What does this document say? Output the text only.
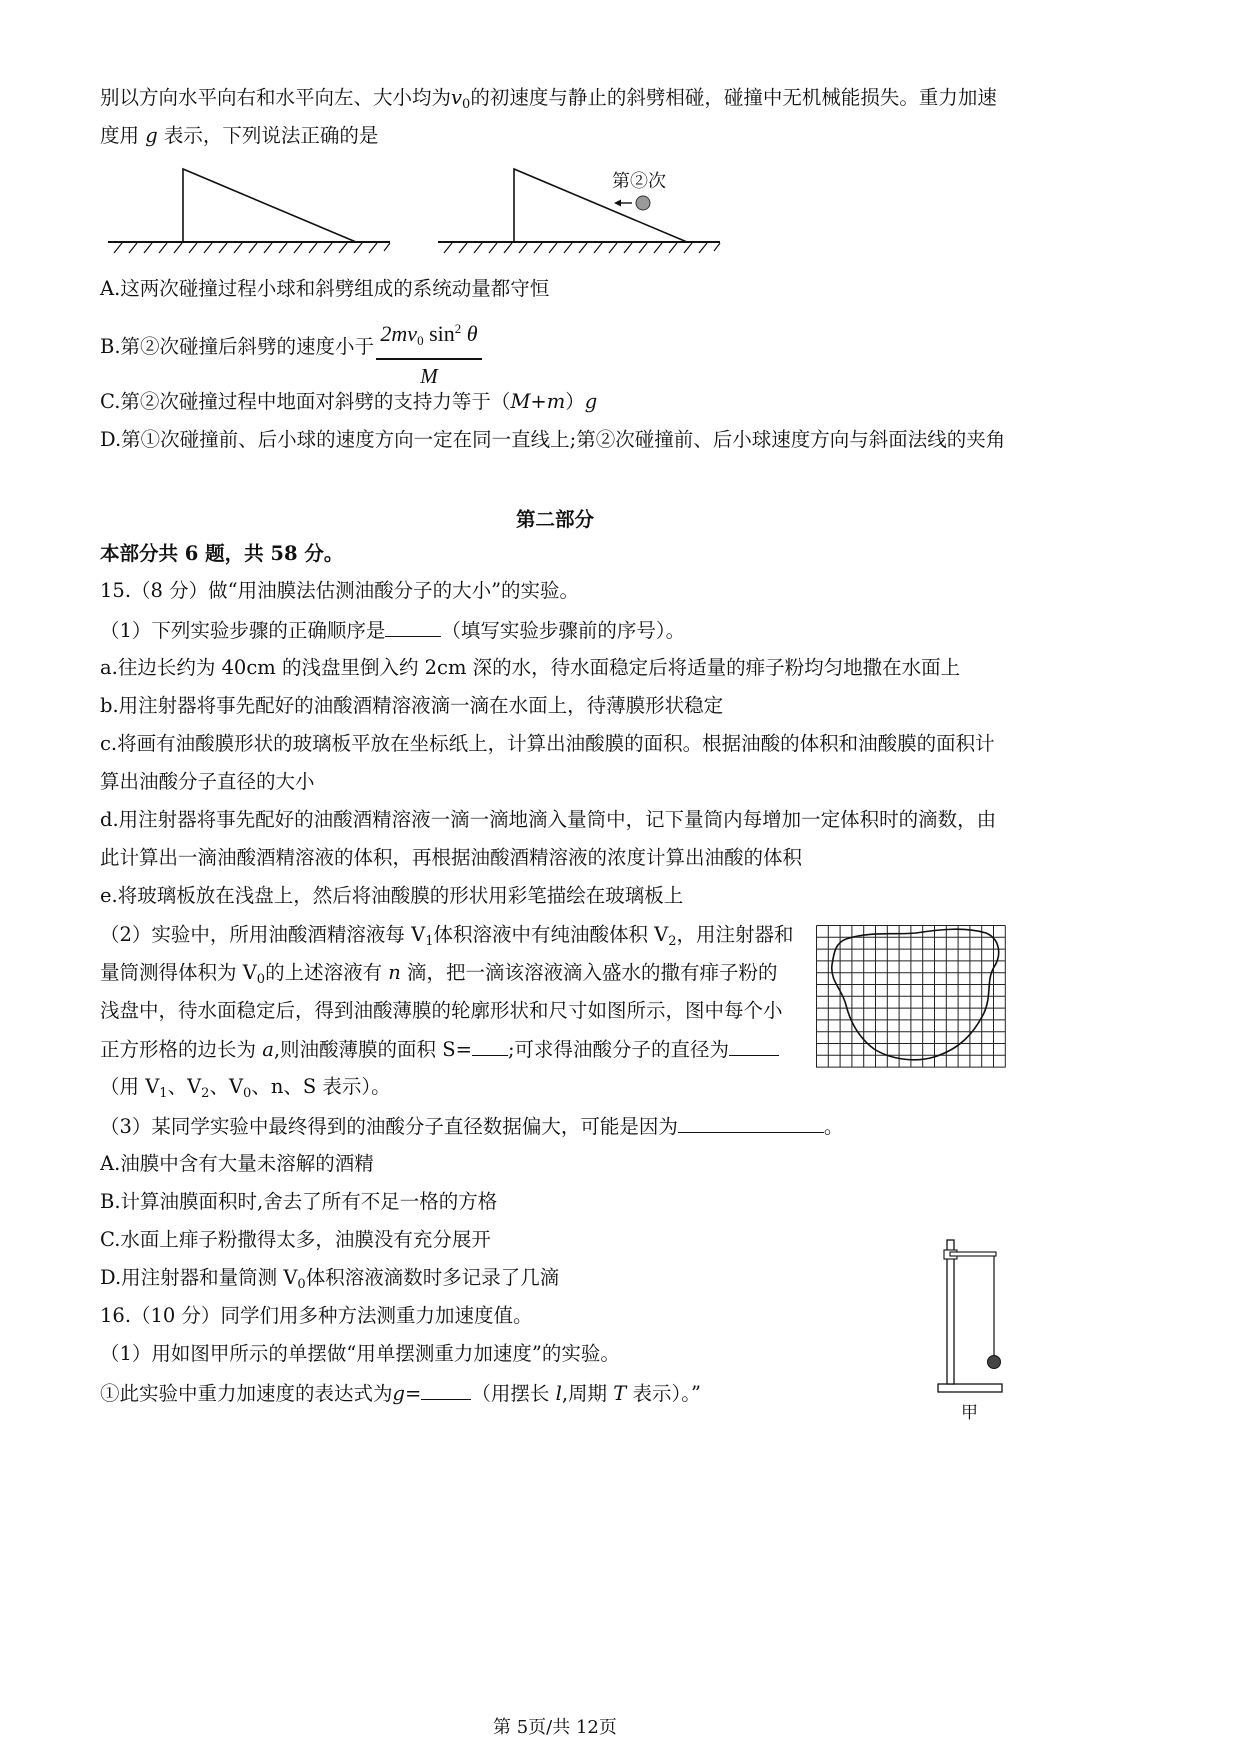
别以方向水平向右和水平向左、大小均为$v_0$的初速度与静止的斜劈相碰，碰撞中无机械能损失。重力加速
度用 g 表示，下列说法正确的是
第②次
A.这两次碰撞过程小球和斜劈组成的系统动量都守恒
B.第②次碰撞后斜劈的速度小于
$2mv_0$ $\sin^2 \theta$
M
C.第②次碰撞过程中地面对斜劈的支持力等于（M+m）g
D.第①次碰撞前、后小球的速度方向一定在同一直线上;第②次碰撞前、后小球速度方向与斜面法线的夹角
第二部分
本部分共 6 题，共 58 分。
15.（8 分）做“用油膜法估测油酸分子的大小”的实验。
（1）下列实验步骤的正确顺序是	（填写实验步骤前的序号）。
a.往边长约为 40cm 的浅盘里倒入约 2cm 深的水，待水面稳定后将适量的痱子粉均匀地撒在水面上
b.用注射器将事先配好的油酸酒精溶液滴一滴在水面上，待薄膜形状稳定
c.将画有油酸膜形状的玻璃板平放在坐标纸上，计算出油酸膜的面积。根据油酸的体积和油酸膜的面积计
算出油酸分子直径的大小
d.用注射器将事先配好的油酸酒精溶液一滴一滴地滴入量筒中，记下量筒内每增加一定体积时的滴数，由
此计算出一滴油酸酒精溶液的体积，再根据油酸酒精溶液的浓度计算出油酸的体积
e.将玻璃板放在浅盘上，然后将油酸膜的形状用彩笔描绘在玻璃板上
（2）实验中，所用油酸酒精溶液每 $V_1$体积溶液中有纯油酸体积 $V_2$，用注射器和
量筒测得体积为 $V_0$的上述溶液有 n 滴，把一滴该溶液滴入盛水的撒有痱子粉的
浅盘中，待水面稳定后，得到油酸薄膜的轮廓形状和尺寸如图所示，图中每个小
正方形格的边长为 a,则油酸薄膜的面积 S= ;可求得油酸分子的直径为
（用 $V_1$、$V_2$、$V_0$、n、S 表示）。
（3）某同学实验中最终得到的油酸分子直径数据偏大，可能是因为	。
A.油膜中含有大量未溶解的酒精
B.计算油膜面积时,舍去了所有不足一格的方格
C.水面上痱子粉撒得太多，油膜没有充分展开
D.用注射器和量筒测 $V_0$体积溶液滴数时多记录了几滴
16.（10 分）同学们用多种方法测重力加速度值。
（1）用如图甲所示的单摆做“用单摆测重力加速度”的实验。
①此实验中重力加速度的表达式为g=	（用摆长 l,周期 T 表示）。”
甲
第 5页/共 12页
